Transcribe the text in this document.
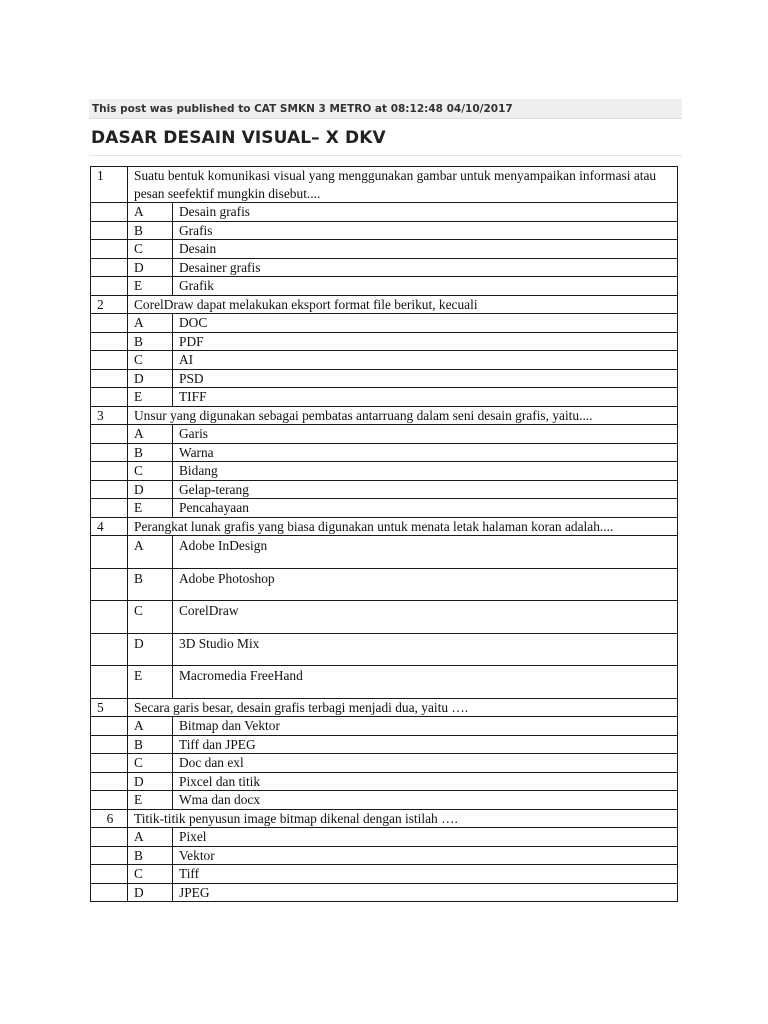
This post was published to CAT SMKN 3 METRO at 08:12:48 04/10/2017
DASAR DESAIN VISUAL– X DKV
1	Suatu bentuk komunikasi visual yang menggunakan gambar untuk menyampaikan informasi atau pesan seefektif mungkin disebut....	
	A	Desain grafis
	B	Grafis
	C	Desain
	D	Desainer grafis
	E	Grafik
2	CorelDraw dapat melakukan eksport format file berikut, kecuali	
	A	DOC
	B	PDF
	C	AI
	D	PSD
	E	TIFF
3	Unsur yang digunakan sebagai pembatas antarruang dalam seni desain grafis, yaitu....	
	A	Garis
	B	Warna
	C	Bidang
	D	Gelap-terang
	E	Pencahayaan
4	Perangkat lunak grafis yang biasa digunakan untuk menata letak halaman koran adalah....	
	A	Adobe InDesign
	B	Adobe Photoshop
	C	CorelDraw
	D	3D Studio Mix
	E	Macromedia FreeHand
5	Secara garis besar, desain grafis terbagi menjadi dua, yaitu ….	
	A	Bitmap dan Vektor
	B	Tiff dan JPEG
	C	Doc dan exl
	D	Pixcel dan titik
	E	Wma dan docx
6	Titik-titik penyusun image bitmap dikenal dengan istilah ….	
	A	Pixel
	B	Vektor
	C	Tiff
	D	JPEG
